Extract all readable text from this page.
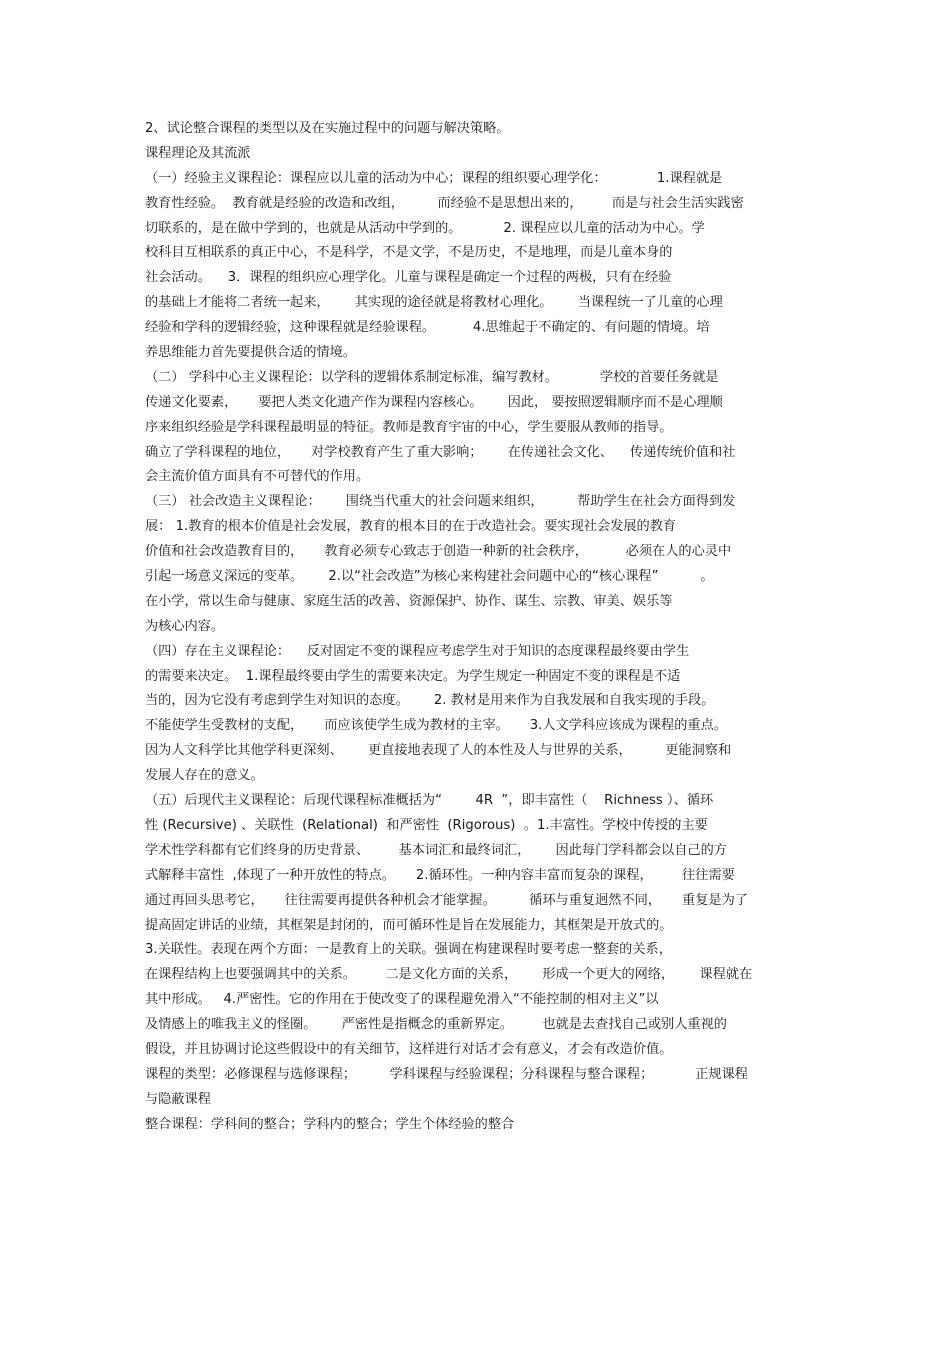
2、试论整合课程的类型以及在实施过程中的问题与解决策略。
课程理论及其流派
（一）经验主义课程论：课程应以儿童的活动为中心；课程的组织要心理学化：            1.课程就是
教育性经验。  教育就是经验的改造和改组，        而经验不是思想出来的，       而是与社会生活实践密
切联系的，是在做中学到的，也就是从活动中学到的。          2. 课程应以儿童的活动为中心。学
校科目互相联系的真正中心，不是科学，不是文学，不是历史，不是地理，而是儿童本身的
社会活动。    3．课程的组织应心理学化。儿童与课程是确定一个过程的两极，只有在经验
的基础上才能将二者统一起来，      其实现的途径就是将教材心理化。      当课程统一了儿童的心理
经验和学科的逻辑经验，这种课程就是经验课程。         4.思维起于不确定的、有问题的情境。培
养思维能力首先要提供合适的情境。
（二） 学科中心主义课程论：以学科的逻辑体系制定标准，编写教材。          学校的首要任务就是
传递文化要素，     要把人类文化遗产作为课程内容核心。      因此， 要按照逻辑顺序而不是心理顺
序来组织经验是学科课程最明显的特征。教师是教育宇宙的中心，学生要服从教师的指导。
确立了学科课程的地位，     对学校教育产生了重大影响；      在传递社会文化、    传递传统价值和社
会主流价值方面具有不可替代的作用。
（三） 社会改造主义课程论：      围绕当代重大的社会问题来组织，        帮助学生在社会方面得到发
展： 1.教育的根本价值是社会发展，教育的根本目的在于改造社会。要实现社会发展的教育
价值和社会改造教育目的，     教育必须专心致志于创造一种新的社会秩序，         必须在人的心灵中
引起一场意义深远的变革。      2.以“社会改造”为核心来构建社会问题中心的“核心课程”          。
在小学，常以生命与健康、家庭生活的改善、资源保护、协作、谋生、宗教、审美、娱乐等
为核心内容。
（四）存在主义课程论：    反对固定不变的课程应考虑学生对于知识的态度课程最终要由学生
的需要来决定。  1.课程最终要由学生的需要来决定。为学生规定一种固定不变的课程是不适
当的，因为它没有考虑到学生对知识的态度。      2. 教材是用来作为自我发展和自我实现的手段。
不能使学生受教材的支配，     而应该使学生成为教材的主宰。     3.人文学科应该成为课程的重点。
因为人文科学比其他学科更深刻、      更直接地表现了人的本性及人与世界的关系，        更能洞察和
发展人存在的意义。
（五）后现代主义课程论：后现代课程标准概括为“        4R  ”，即丰富性（    Richness ）、循环
性 (Recursive) 、关联性  (Relational)  和严密性  (Rigorous)  。1.丰富性。学校中传授的主要
学术性学科都有它们终身的历史背景、       基本词汇和最终词汇，      因此每门学科都会以自己的方
式解释丰富性  ,体现了一种开放性的特点。     2.循环性。一种内容丰富而复杂的课程，       往往需要
通过再回头思考它，     往往需要再提供各种机会才能掌握。        循环与重复迥然不同，     重复是为了
提高固定讲话的业绩，其框架是封闭的，而可循环性是旨在发展能力，其框架是开放式的。
3.关联性。表现在两个方面：一是教育上的关联。强调在构建课程时要考虑一整套的关系，
在课程结构上也要强调其中的关系。       二是文化方面的关系，      形成一个更大的网络，      课程就在
其中形成。   4.严密性。它的作用在于使改变了的课程避免滑入“不能控制的相对主义”以
及情感上的唯我主义的怪圈。      严密性是指概念的重新界定。       也就是去查找自己或别人重视的
假设，并且协调讨论这些假设中的有关细节，这样进行对话才会有意义，才会有改造价值。
课程的类型：必修课程与选修课程；        学科课程与经验课程；分科课程与整合课程；          正规课程
与隐蔽课程
整合课程：学科间的整合；学科内的整合；学生个体经验的整合
